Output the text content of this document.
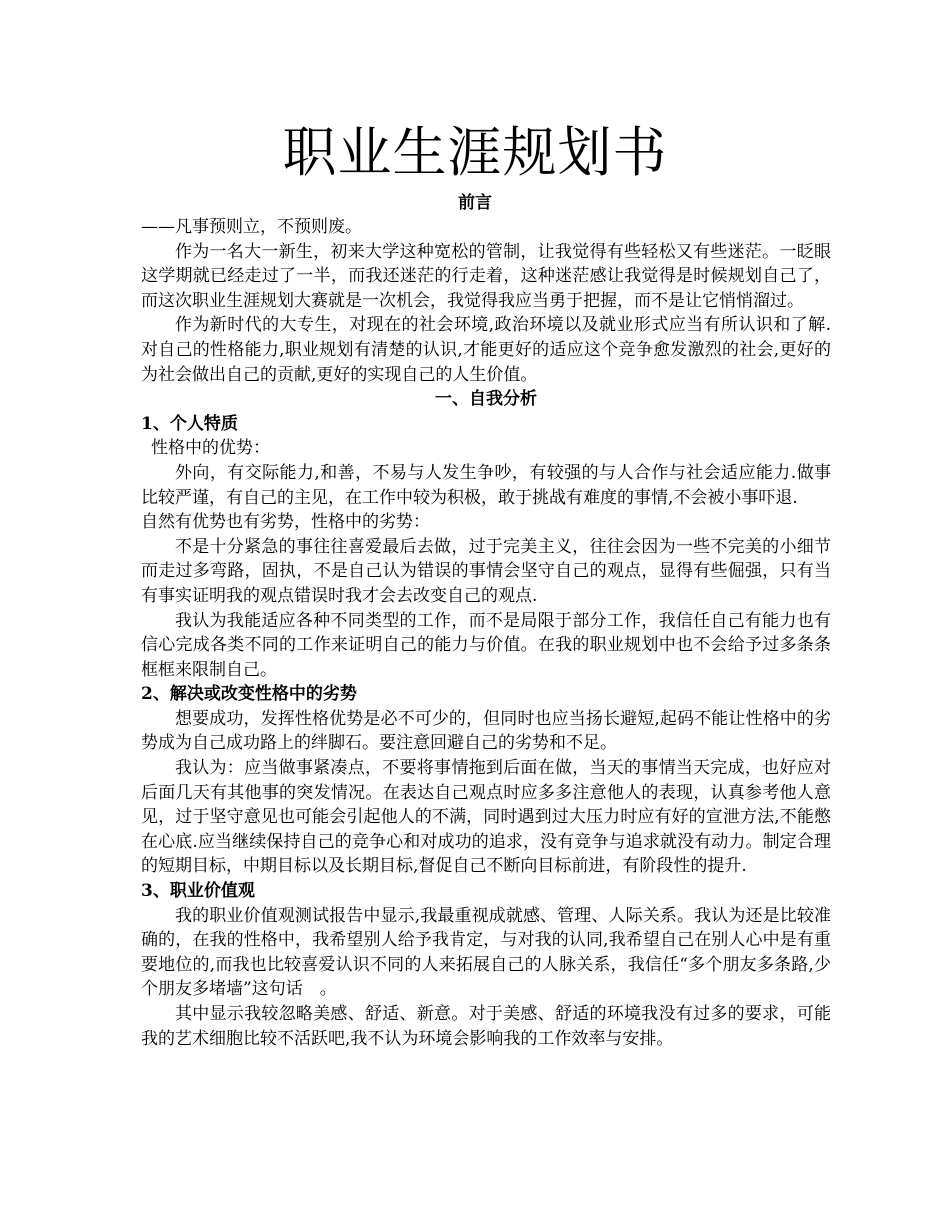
职业生涯规划书
前言

——凡事预则立，不预则废。

作为一名大一新生，初来大学这种宽松的管制，让我觉得有些轻松又有些迷茫。一眨眼这学期就已经走过了一半，而我还迷茫的行走着，这种迷茫感让我觉得是时候规划自己了，而这次职业生涯规划大赛就是一次机会，我觉得我应当勇于把握，而不是让它悄悄溜过。

作为新时代的大专生，对现在的社会环境,政治环境以及就业形式应当有所认识和了解.对自己的性格能力,职业规划有清楚的认识,才能更好的适应这个竞争愈发激烈的社会,更好的为社会做出自己的贡献,更好的实现自己的人生价值。

一、自我分析

1、个人特质

性格中的优势：

外向，有交际能力,和善，不易与人发生争吵，有较强的与人合作与社会适应能力.做事比较严谨，有自己的主见，在工作中较为积极，敢于挑战有难度的事情,不会被小事吓退.

自然有优势也有劣势，性格中的劣势：

不是十分紧急的事往往喜爱最后去做，过于完美主义，往往会因为一些不完美的小细节而走过多弯路，固执，不是自己认为错误的事情会坚守自己的观点，显得有些倔强，只有当有事实证明我的观点错误时我才会去改变自己的观点.

我认为我能适应各种不同类型的工作，而不是局限于部分工作，我信任自己有能力也有信心完成各类不同的工作来证明自己的能力与价值。在我的职业规划中也不会给予过多条条框框来限制自己。

2、解决或改变性格中的劣势

想要成功，发挥性格优势是必不可少的，但同时也应当扬长避短,起码不能让性格中的劣势成为自己成功路上的绊脚石。要注意回避自己的劣势和不足。

我认为：应当做事紧凑点，不要将事情拖到后面在做，当天的事情当天完成，也好应对后面几天有其他事的突发情况。在表达自己观点时应多多注意他人的表现，认真参考他人意见，过于坚守意见也可能会引起他人的不满，同时遇到过大压力时应有好的宣泄方法,不能憋在心底.应当继续保持自己的竞争心和对成功的追求，没有竞争与追求就没有动力。制定合理的短期目标，中期目标以及长期目标,督促自己不断向目标前进，有阶段性的提升.

3、职业价值观

我的职业价值观测试报告中显示,我最重视成就感、管理、人际关系。我认为还是比较准确的，在我的性格中，我希望别人给予我肯定，与对我的认同,我希望自己在别人心中是有重要地位的,而我也比较喜爱认识不同的人来拓展自己的人脉关系，我信任“多个朋友多条路,少个朋友多堵墙”这句话　。

其中显示我较忽略美感、舒适、新意。对于美感、舒适的环境我没有过多的要求，可能我的艺术细胞比较不活跃吧,我不认为环境会影响我的工作效率与安排。
